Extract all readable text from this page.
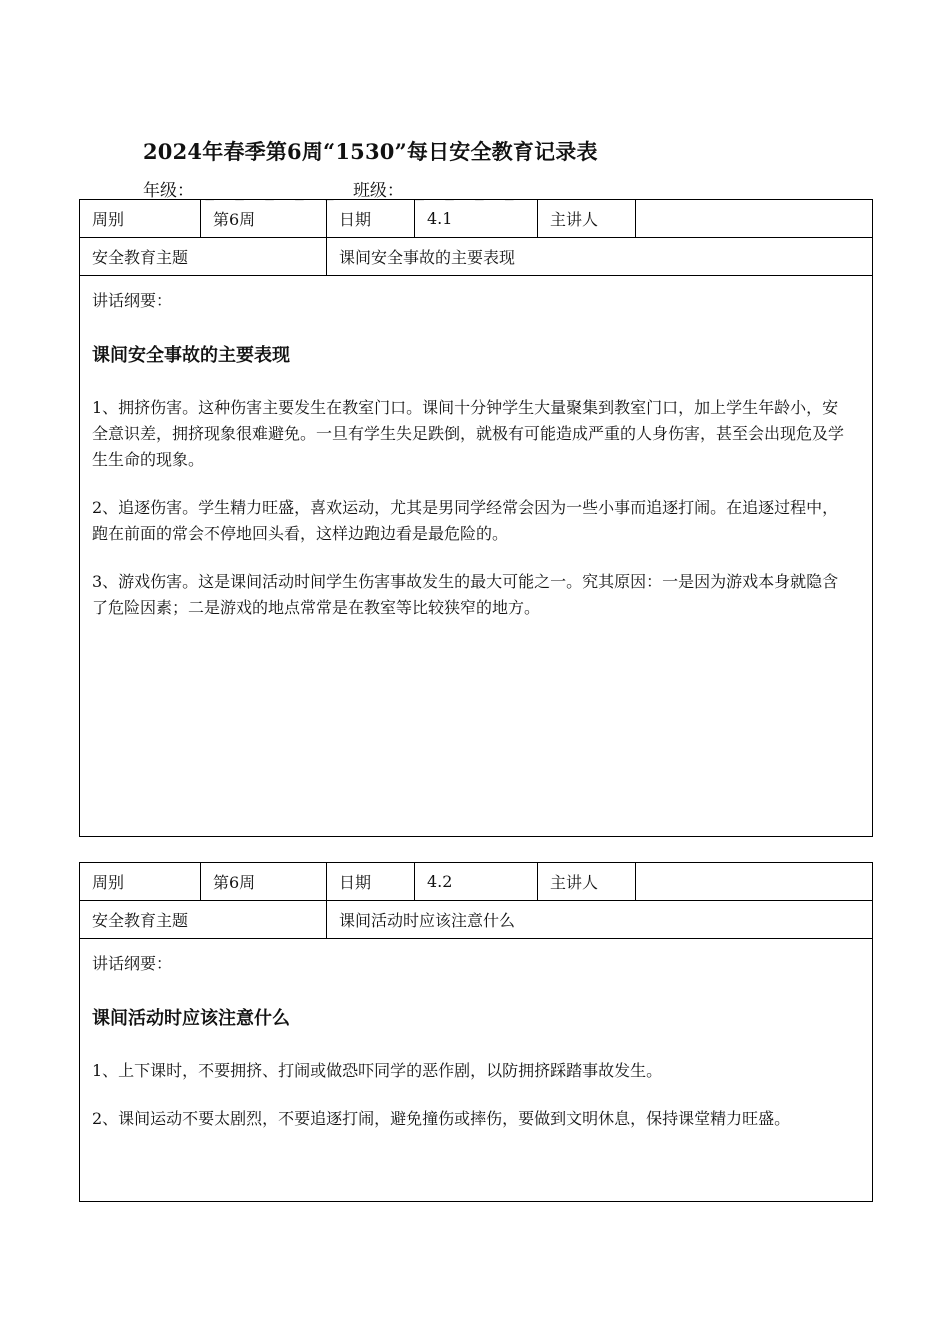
2024年春季第6周“1530”每日安全教育记录表
年级： _ _ _ _ _ 班级： _ _ _ _
周别	第6周	日期	4.1	主讲人	
安全教育主题		课间安全事故的主要表现			

讲话纲要：

课间安全事故的主要表现

1、拥挤伤害。这种伤害主要发生在教室门口。课间十分钟学生大量聚集到教室门口，加上学生年龄小，安全意识差，拥挤现象很难避免。一旦有学生失足跌倒，就极有可能造成严重的人身伤害，甚至会出现危及学生生命的现象。

2、追逐伤害。学生精力旺盛，喜欢运动，尤其是男同学经常会因为一些小事而追逐打闹。在追逐过程中，跑在前面的常会不停地回头看，这样边跑边看是最危险的。

3、游戏伤害。这是课间活动时间学生伤害事故发生的最大可能之一。究其原因：一是因为游戏本身就隐含了危险因素；二是游戏的地点常常是在教室等比较狭窄的地方。					

周别	第6周	日期	4.2	主讲人	
安全教育主题		课间活动时应该注意什么			

讲话纲要：

课间活动时应该注意什么

1、上下课时，不要拥挤、打闹或做恐吓同学的恶作剧，以防拥挤踩踏事故发生。

2、课间运动不要太剧烈，不要追逐打闹，避免撞伤或摔伤，要做到文明休息，保持课堂精力旺盛。					
